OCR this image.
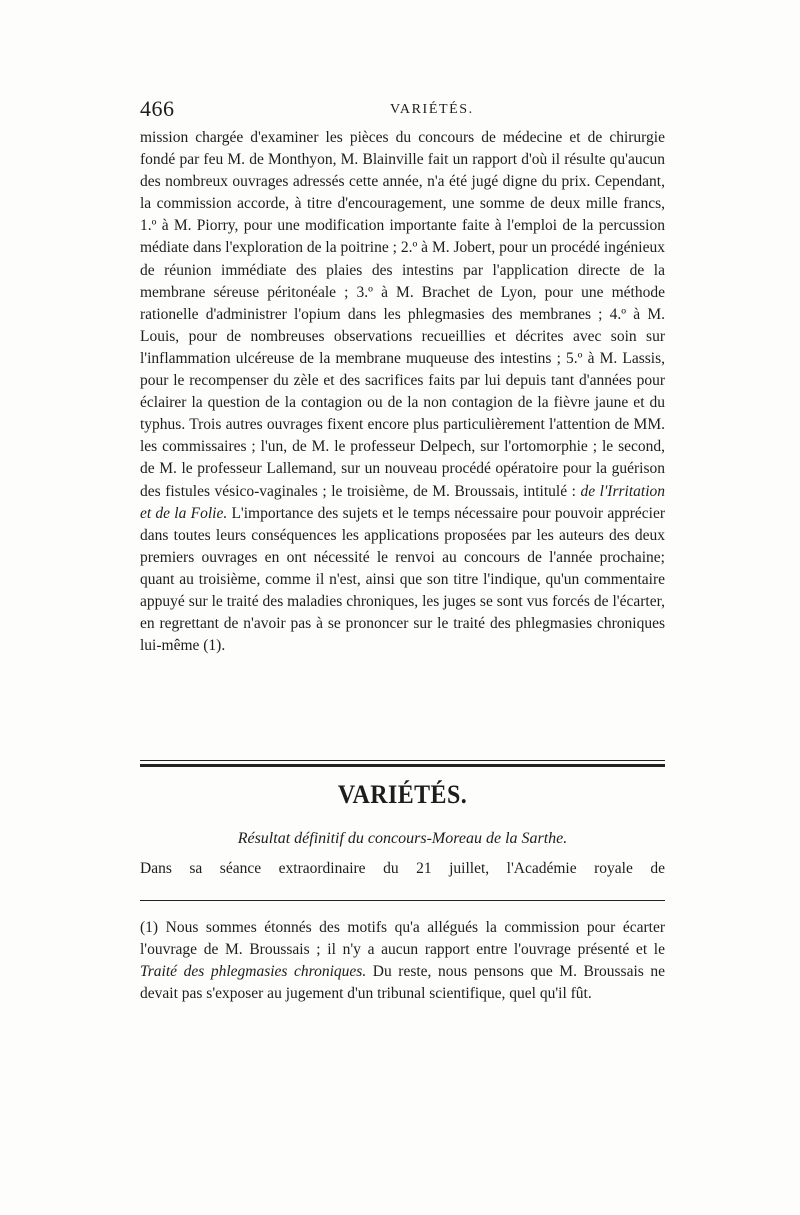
466	VARIÉTÉS.

mission chargée d'examiner les pièces du concours de médecine et de chirurgie fondé par feu M. de Monthyon, M. Blainville fait un rapport d'où il résulte qu'aucun des nombreux ouvrages adressés cette année, n'a été jugé digne du prix. Cependant, la commission accorde, à titre d'encouragement, une somme de deux mille francs, 1.º à M. Piorry, pour une modification importante faite à l'emploi de la percussion médiate dans l'exploration de la poitrine ; 2.º à M. Jobert, pour un procédé ingénieux de réunion immédiate des plaies des intestins par l'application directe de la membrane séreuse péritonéale ; 3.º à M. Brachet de Lyon, pour une méthode rationelle d'administrer l'opium dans les phlegmasies des membranes ; 4.º à M. Louis, pour de nombreuses observations recueillies et décrites avec soin sur l'inflammation ulcéreuse de la membrane muqueuse des intestins ; 5.º à M. Lassis, pour le recompenser du zèle et des sacrifices faits par lui depuis tant d'années pour éclairer la question de la contagion ou de la non contagion de la fièvre jaune et du typhus. Trois autres ouvrages fixent encore plus particulièrement l'attention de MM. les commissaires ; l'un, de M. le professeur Delpech, sur l'ortomorphie ; le second, de M. le professeur Lallemand, sur un nouveau procédé opératoire pour la guérison des fistules vésico-vaginales ; le troisième, de M. Broussais, intitulé : de l'Irritation et de la Folie. L'importance des sujets et le temps nécessaire pour pouvoir apprécier dans toutes leurs conséquences les applications proposées par les auteurs des deux premiers ouvrages en ont nécessité le renvoi au concours de l'année prochaine; quant au troisième, comme il n'est, ainsi que son titre l'indique, qu'un commentaire appuyé sur le traité des maladies chroniques, les juges se sont vus forcés de l'écarter, en regrettant de n'avoir pas à se prononcer sur le traité des phlegmasies chroniques lui-même (1).

VARIÉTÉS.
Résultat définitif du concours-Moreau de la Sarthe.

Dans sa séance extraordinaire du 21 juillet, l'Académie royale de

(1) Nous sommes étonnés des motifs qu'a allégués la commission pour écarter l'ouvrage de M. Broussais ; il n'y a aucun rapport entre l'ouvrage présenté et le Traité des phlegmasies chroniques. Du reste, nous pensons que M. Broussais ne devait pas s'exposer au jugement d'un tribunal scientifique, quel qu'il fût.
